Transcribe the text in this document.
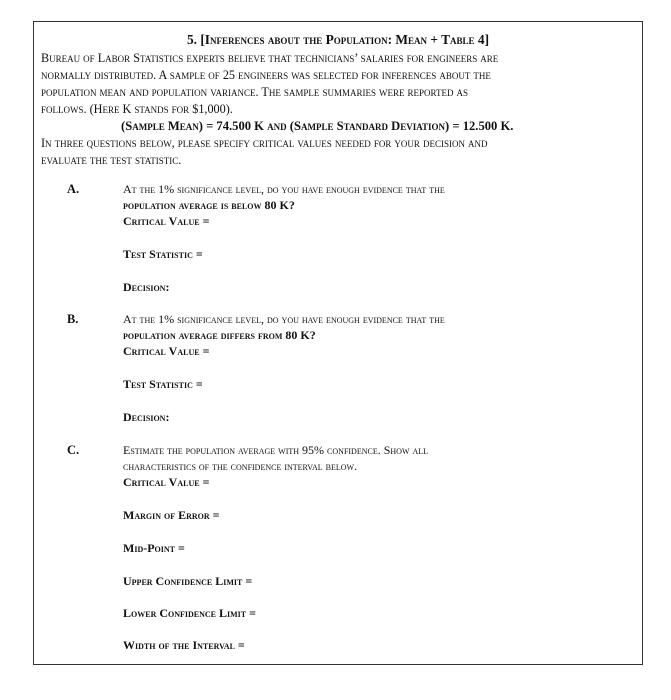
5. [Inferences about the Population: Mean + Table 4]
Bureau of Labor Statistics experts believe that technicians’ salaries for engineers are
normally distributed. A sample of 25 engineers was selected for inferences about the
population mean and population variance. The sample summaries were reported as
follows. (Here K stands for $1,000).
(Sample Mean) = 74.500 K and (Sample Standard Deviation) = 12.500 K.
In three questions below, please specify critical values needed for your decision and
evaluate the test statistic.
A.	At the 1% significance level, do you have enough evidence that the
population average is below 80 K?
Critical Value =
Test Statistic =
Decision:
B.	At the 1% significance level, do you have enough evidence that the
population average differs from 80 K?
Critical Value =
Test Statistic =
Decision:
C.	Estimate the population average with 95% confidence. Show all
characteristics of the confidence interval below.
Critical Value =
Margin of Error =
Mid-Point =
Upper Confidence Limit =
Lower Confidence Limit =
Width of the Interval =
